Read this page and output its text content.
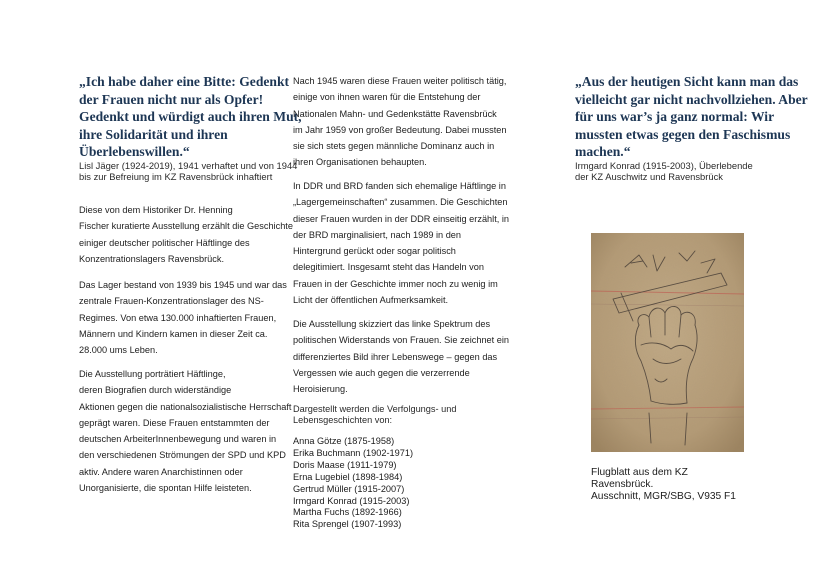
„Ich habe daher eine Bitte: Gedenkt
der Frauen nicht nur als Opfer!
Gedenkt und würdigt auch ihren Mut,
ihre Solidarität und ihren
Überlebenswillen.“

Lisl Jäger (1924-2019), 1941 verhaftet und von 1944
bis zur Befreiung im KZ Ravensbrück inhaftiert

Diese von dem Historiker Dr. Henning
Fischer kuratierte Ausstellung erzählt die Geschichte
einiger deutscher politischer Häftlinge des
Konzentrationslagers Ravensbrück.

Das Lager bestand von 1939 bis 1945 und war das
zentrale Frauen-Konzentrationslager des NS-
Regimes. Von etwa 130.000 inhaftierten Frauen,
Männern und Kindern kamen in dieser Zeit ca.
28.000 ums Leben.

Die Ausstellung porträtiert Häftlinge,
deren Biografien durch widerständige
Aktionen gegen die nationalsozialistische Herrschaft
geprägt waren. Diese Frauen entstammten der
deutschen ArbeiterInnenbewegung und waren in
den verschiedenen Strömungen der SPD und KPD
aktiv. Andere waren Anarchistinnen oder
Unorganisierte, die spontan Hilfe leisteten.

Nach 1945 waren diese Frauen weiter politisch tätig,
einige von ihnen waren für die Entstehung der
Nationalen Mahn- und Gedenkstätte Ravensbrück
im Jahr 1959 von großer Bedeutung. Dabei mussten
sie sich stets gegen männliche Dominanz auch in
ihren Organisationen behaupten.

In DDR und BRD fanden sich ehemalige Häftlinge in
„Lagergemeinschaften“ zusammen. Die Geschichten
dieser Frauen wurden in der DDR einseitig erzählt, in
der BRD marginalisiert, nach 1989 in den
Hintergrund gerückt oder sogar politisch
delegitimiert. Insgesamt steht das Handeln von
Frauen in der Geschichte immer noch zu wenig im
Licht der öffentlichen Aufmerksamkeit.

Die Ausstellung skizziert das linke Spektrum des
politischen Widerstands von Frauen. Sie zeichnet ein
differenziertes Bild ihrer Lebenswege – gegen das
Vergessen wie auch gegen die verzerrende
Heroisierung.

Dargestellt werden die Verfolgungs- und
Lebensgeschichten von:

Anna Götze (1875-1958)
Erika Buchmann (1902-1971)
Doris Maase (1911-1979)
Erna Lugebiel (1898-1984)
Gertrud Müller (1915-2007)
Irmgard Konrad (1915-2003)
Martha Fuchs (1892-1966)
Rita Sprengel (1907-1993)

„Aus der heutigen Sicht kann man das
vielleicht gar nicht nachvollziehen. Aber
für uns war’s ja ganz normal: Wir
mussten etwas gegen den Faschismus
machen.“

Irmgard Konrad (1915-2003), Überlebende
der KZ Auschwitz und Ravensbrück

Flugblatt aus dem KZ
Ravensbrück.
Ausschnitt, MGR/SBG, V935 F1
